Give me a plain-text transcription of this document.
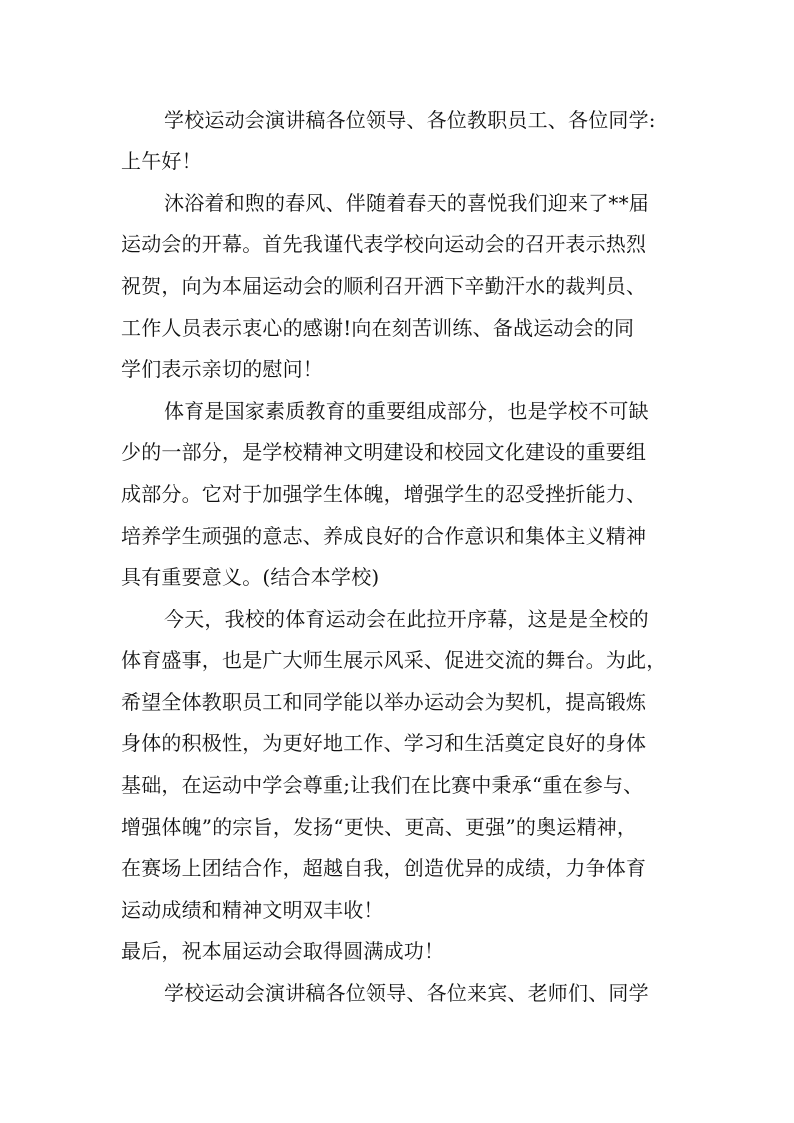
学校运动会演讲稿各位领导、各位教职员工、各位同学:
上午好！
沐浴着和煦的春风、伴随着春天的喜悦我们迎来了**届
运动会的开幕。首先我谨代表学校向运动会的召开表示热烈
祝贺，向为本届运动会的顺利召开洒下辛勤汗水的裁判员、
工作人员表示衷心的感谢!向在刻苦训练、备战运动会的同
学们表示亲切的慰问！
体育是国家素质教育的重要组成部分，也是学校不可缺
少的一部分，是学校精神文明建设和校园文化建设的重要组
成部分。它对于加强学生体魄，增强学生的忍受挫折能力、
培养学生顽强的意志、养成良好的合作意识和集体主义精神
具有重要意义。(结合本学校)
今天，我校的体育运动会在此拉开序幕，这是是全校的
体育盛事，也是广大师生展示风采、促进交流的舞台。为此，
希望全体教职员工和同学能以举办运动会为契机，提高锻炼
身体的积极性，为更好地工作、学习和生活奠定良好的身体
基础，在运动中学会尊重;让我们在比赛中秉承“重在参与、
增强体魄”的宗旨，发扬“更快、更高、更强”的奥运精神，
在赛场上团结合作，超越自我，创造优异的成绩，力争体育
运动成绩和精神文明双丰收！
最后，祝本届运动会取得圆满成功！
学校运动会演讲稿各位领导、各位来宾、老师们、同学
